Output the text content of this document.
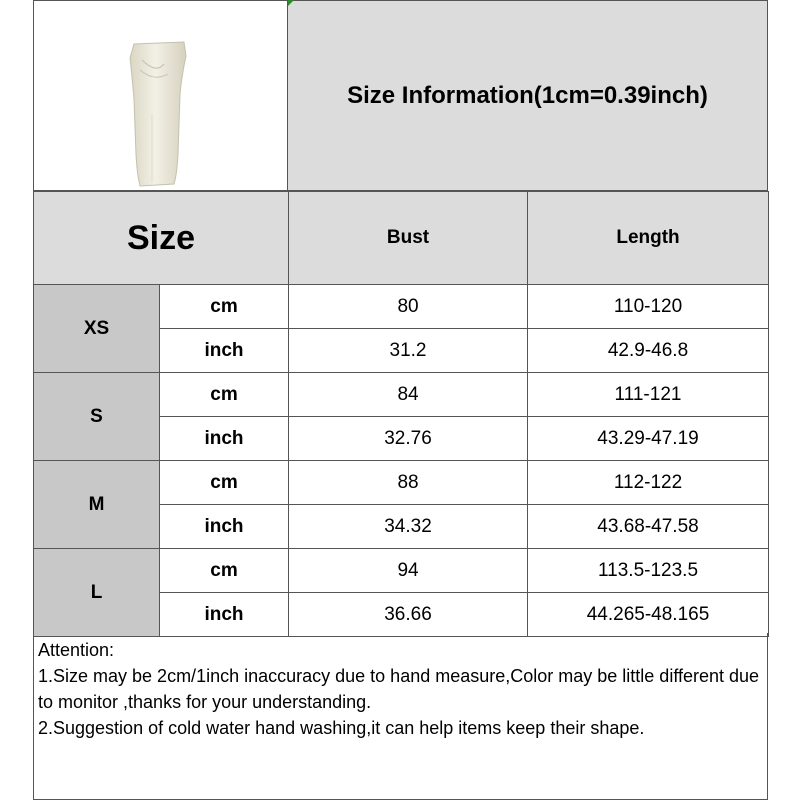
Size Information(1cm=0.39inch)
Size		Bust	Length
XS	cm	80	110-120
	inch	31.2	42.9-46.8
S	cm	84	111-121
	inch	32.76	43.29-47.19
M	cm	88	112-122
	inch	34.32	43.68-47.58
L	cm	94	113.5-123.5
	inch	36.66	44.265-48.165

Attention:

1.Size may be 2cm/1inch inaccuracy due to hand measure,Color may be little different due to monitor ,thanks for your understanding.

2.Suggestion of cold water hand washing,it can help items keep their shape.
